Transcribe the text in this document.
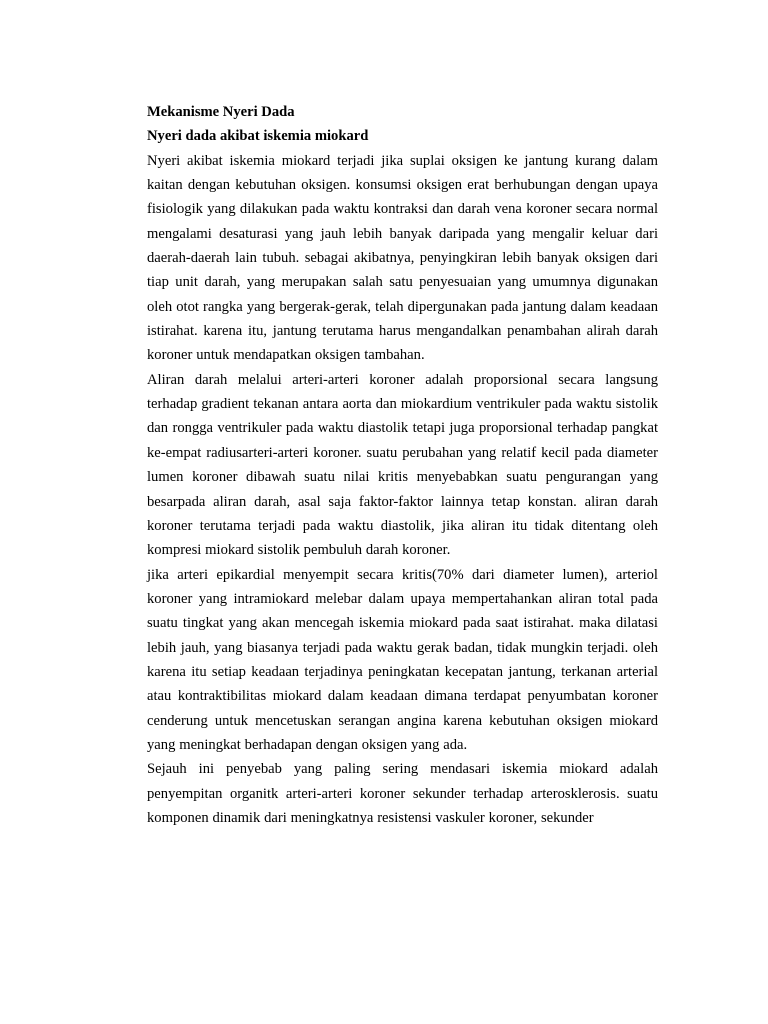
Mekanisme Nyeri Dada

Nyeri dada akibat iskemia miokard

Nyeri akibat iskemia miokard terjadi jika suplai oksigen ke jantung kurang dalam kaitan dengan kebutuhan oksigen. konsumsi oksigen erat berhubungan dengan upaya fisiologik yang dilakukan pada waktu kontraksi dan darah vena koroner secara normal mengalami desaturasi yang jauh lebih banyak daripada yang mengalir keluar dari daerah-daerah lain tubuh. sebagai akibatnya, penyingkiran lebih banyak oksigen dari tiap unit darah, yang merupakan salah satu penyesuaian yang umumnya digunakan oleh otot rangka yang bergerak-gerak, telah dipergunakan pada jantung dalam keadaan istirahat. karena itu, jantung terutama harus mengandalkan penambahan alirah darah koroner untuk mendapatkan oksigen tambahan.

Aliran darah melalui arteri-arteri koroner adalah proporsional secara langsung terhadap gradient tekanan antara aorta dan miokardium ventrikuler pada waktu sistolik dan rongga ventrikuler pada waktu diastolik tetapi juga proporsional terhadap pangkat ke-empat radiusarteri-arteri koroner. suatu perubahan yang relatif kecil pada diameter lumen koroner dibawah suatu nilai kritis menyebabkan suatu pengurangan yang besarpada aliran darah, asal saja faktor-faktor lainnya tetap konstan. aliran darah koroner terutama terjadi pada waktu diastolik, jika aliran itu tidak ditentang oleh kompresi miokard sistolik pembuluh darah koroner.

jika arteri epikardial menyempit secara kritis(70% dari diameter lumen), arteriol koroner yang intramiokard melebar dalam upaya mempertahankan aliran total pada suatu tingkat yang akan mencegah iskemia miokard pada saat istirahat. maka dilatasi lebih jauh, yang biasanya terjadi pada waktu gerak badan, tidak mungkin terjadi. oleh karena itu setiap keadaan terjadinya peningkatan kecepatan jantung, terkanan arterial atau kontraktibilitas miokard dalam keadaan dimana terdapat penyumbatan koroner cenderung untuk mencetuskan serangan angina karena kebutuhan oksigen miokard yang meningkat berhadapan dengan oksigen yang ada.

Sejauh ini penyebab yang paling sering mendasari iskemia miokard adalah penyempitan organitk arteri-arteri koroner sekunder terhadap arterosklerosis. suatu komponen dinamik dari meningkatnya resistensi vaskuler koroner, sekunder
